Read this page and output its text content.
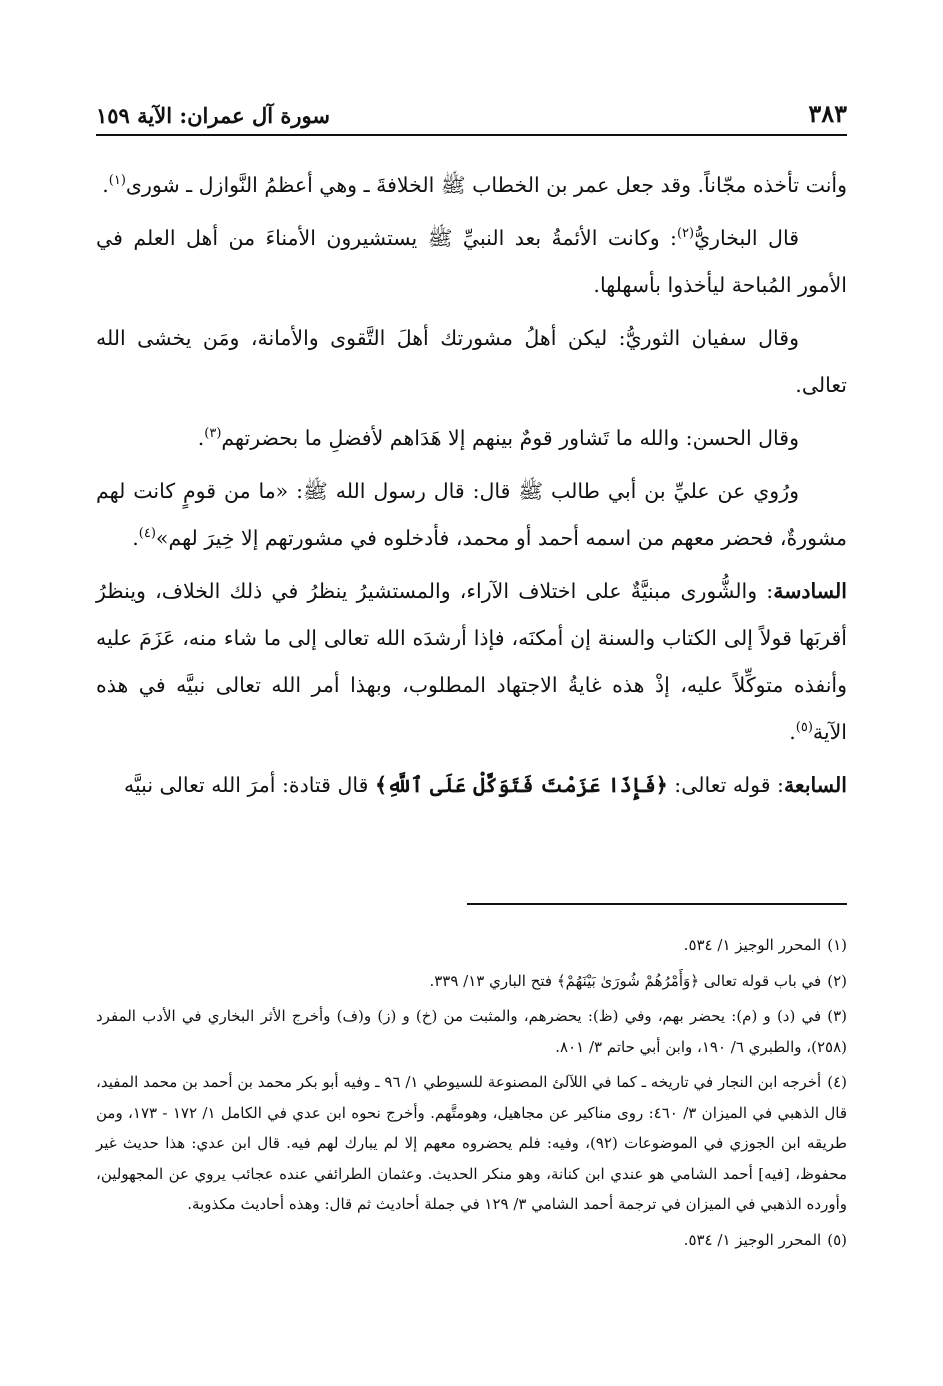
سورة آل عمران: الآية ١٥٩	٣٨٣

وأنت تأخذه مجّاناً. وقد جعل عمر بن الخطاب ﷺ الخلافةَ ـ وهي أعظمُ النَّوازل ـ شورى$^{(١)}$.

قال البخاريُّ$^{(٢)}$: وكانت الأئمةُ بعد النبيِّ ﷺ يستشيرون الأمناءَ من أهل العلم في الأمور المُباحة ليأخذوا بأسهلها.

وقال سفيان الثوريُّ: ليكن أهلُ مشورتك أهلَ التَّقوى والأمانة، ومَن يخشى الله تعالى.

وقال الحسن: والله ما تَشاور قومٌ بينهم إلا هَدَاهم لأفضلِ ما بحضرتهم$^{(٣)}$.

ورُوي عن عليِّ بن أبي طالب ﷺ قال: قال رسول الله ﷺ: «ما من قومٍ كانت لهم مشورةٌ، فحضر معهم من اسمه أحمد أو محمد، فأدخلوه في مشورتهم إلا خِيرَ لهم»$^{(٤)}$.

السادسة: والشُّورى مبنيَّةٌ على اختلاف الآراء، والمستشيرُ ينظرُ في ذلك الخلاف، وينظرُ أقربَها قولاً إلى الكتاب والسنة إن أمكنَه، فإذا أرشدَه الله تعالى إلى ما شاء منه، عَزَمَ عليه وأنفذه متوكِّلاً عليه، إذْ هذه غايةُ الاجتهاد المطلوب، وبهذا أمر الله تعالى نبيَّه في هذه الآية$^{(٥)}$.

السابعة: قوله تعالى: ﴿فَإِذَا عَزَمْتَ فَتَوَكَّلْ عَلَى ٱللَّهِ﴾ قال قتادة: أمرَ الله تعالى نبيَّه

(١)المحرر الوجيز ١/ ٥٣٤.

(٢)في باب قوله تعالى ﴿وَأَمْرُهُمْ شُورَىٰ بَيْنَهُمْ﴾ فتح الباري ١٣/ ٣٣٩.

(٣)في (د) و (م): يحضر بهم، وفي (ظ): يحضرهم، والمثبت من (خ) و (ز) و(ف) وأخرج الأثر البخاري في الأدب المفرد (٢٥٨)، والطبري ٦/ ١٩٠، وابن أبي حاتم ٣/ ٨٠١.

(٤)أخرجه ابن النجار في تاريخه ـ كما في اللآلئ المصنوعة للسيوطي ١/ ٩٦ ـ وفيه أبو بكر محمد بن أحمد بن محمد المفيد، قال الذهبي في الميزان ٣/ ٤٦٠: روى مناكير عن مجاهيل، وهومتَّهم. وأخرج نحوه ابن عدي في الكامل ١/ ١٧٢ - ١٧٣، ومن طريقه ابن الجوزي في الموضوعات (٩٢)، وفيه: فلم يحضروه معهم إلا لم يبارك لهم فيه. قال ابن عدي: هذا حديث غير محفوظ، [فيه] أحمد الشامي هو عندي ابن كنانة، وهو منكر الحديث. وعثمان الطرائفي عنده عجائب يروي عن المجهولين، وأورده الذهبي في الميزان في ترجمة أحمد الشامي ٣/ ١٢٩ في جملة أحاديث ثم قال: وهذه أحاديث مكذوبة.

(٥)المحرر الوجيز ١/ ٥٣٤.
